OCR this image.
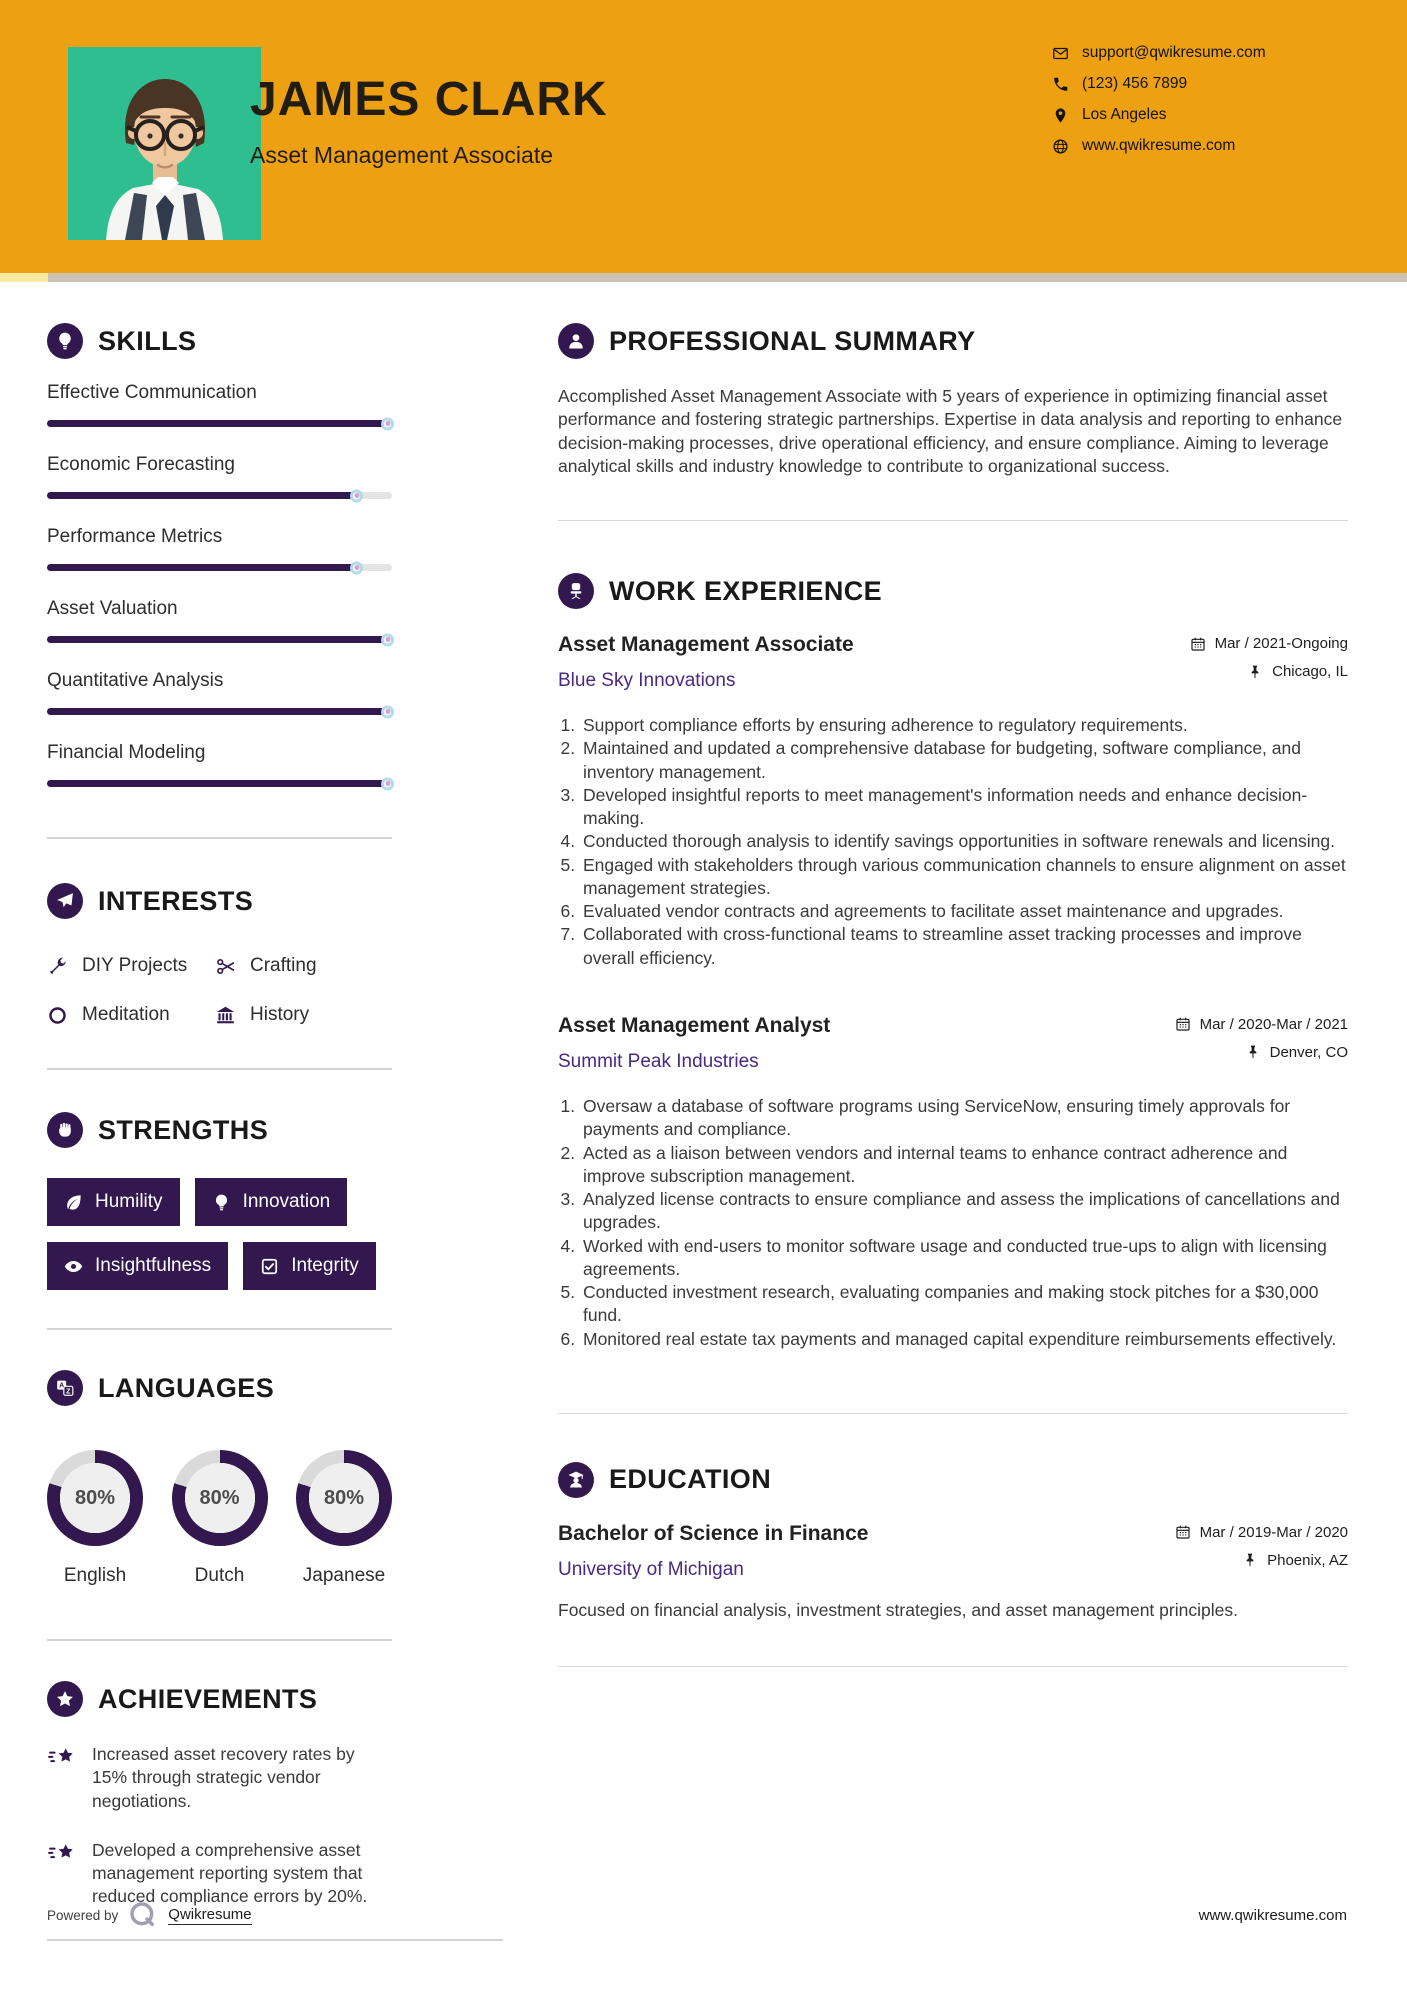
JAMES CLARK
Asset Management Associate
support@qwikresume.com
(123) 456 7899
Los Angeles
www.qwikresume.com
SKILLS
Effective Communication
Economic Forecasting
Performance Metrics
Asset Valuation
Quantitative Analysis
Financial Modeling
INTERESTS
DIY Projects	Crafting
Meditation	History
STRENGTHS
Humility	Innovation
Insightfulness	Integrity
A
Z LANGUAGES
80%
English
80%
Dutch
80%
Japanese
ACHIEVEMENTS
Increased asset recovery rates by 15% through strategic vendor negotiations.
Developed a comprehensive asset management reporting system that reduced compliance errors by 20%.
PROFESSIONAL SUMMARY
Accomplished Asset Management Associate with 5 years of experience in optimizing financial asset performance and fostering strategic partnerships. Expertise in data analysis and reporting to enhance decision-making processes, drive operational efficiency, and ensure compliance. Aiming to leverage analytical skills and industry knowledge to contribute to organizational success.
WORK EXPERIENCE
Asset Management Associate
Blue Sky Innovations
Mar / 2021-Ongoing
Chicago, IL
1. Support compliance efforts by ensuring adherence to regulatory requirements.
2. Maintained and updated a comprehensive database for budgeting, software compliance, and inventory management.
3. Developed insightful reports to meet management's information needs and enhance decision-making.
4. Conducted thorough analysis to identify savings opportunities in software renewals and licensing.
5. Engaged with stakeholders through various communication channels to ensure alignment on asset management strategies.
6. Evaluated vendor contracts and agreements to facilitate asset maintenance and upgrades.
7. Collaborated with cross-functional teams to streamline asset tracking processes and improve overall efficiency.
Asset Management Analyst
Summit Peak Industries
Mar / 2020-Mar / 2021
Denver, CO
1. Oversaw a database of software programs using ServiceNow, ensuring timely approvals for payments and compliance.
2. Acted as a liaison between vendors and internal teams to enhance contract adherence and improve subscription management.
3. Analyzed license contracts to ensure compliance and assess the implications of cancellations and upgrades.
4. Worked with end-users to monitor software usage and conducted true-ups to align with licensing agreements.
5. Conducted investment research, evaluating companies and making stock pitches for a $30,000 fund.
6. Monitored real estate tax payments and managed capital expenditure reimbursements effectively.
EDUCATION
Bachelor of Science in Finance
University of Michigan
Mar / 2019-Mar / 2020
Phoenix, AZ
Focused on financial analysis, investment strategies, and asset management principles.
Powered by	Qwikresume	www.qwikresume.com
